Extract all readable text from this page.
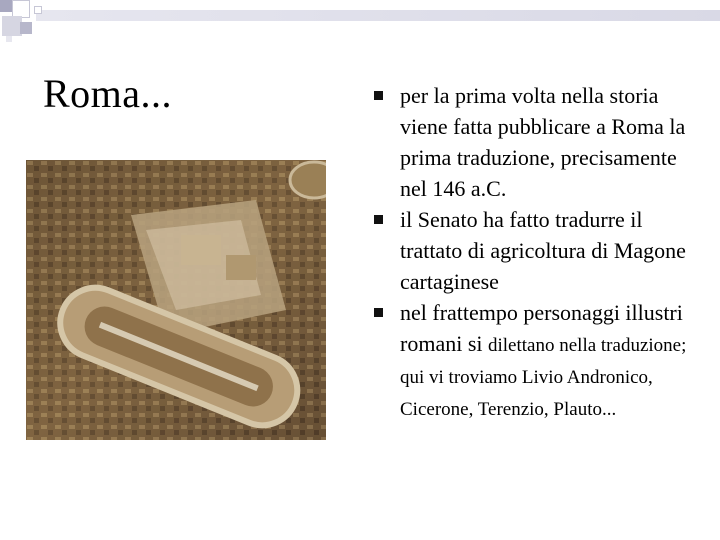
Roma...	per la prima volta nella storia viene fatta pubblicare a Roma la prima traduzione, precisamente nel 146 a.C.
il Senato ha fatto tradurre il trattato di agricoltura di Magone cartaginese
nel frattempo personaggi illustri romani si dilettano nella traduzione; qui vi troviamo Livio Andronico, Cicerone, Terenzio, Plauto...
